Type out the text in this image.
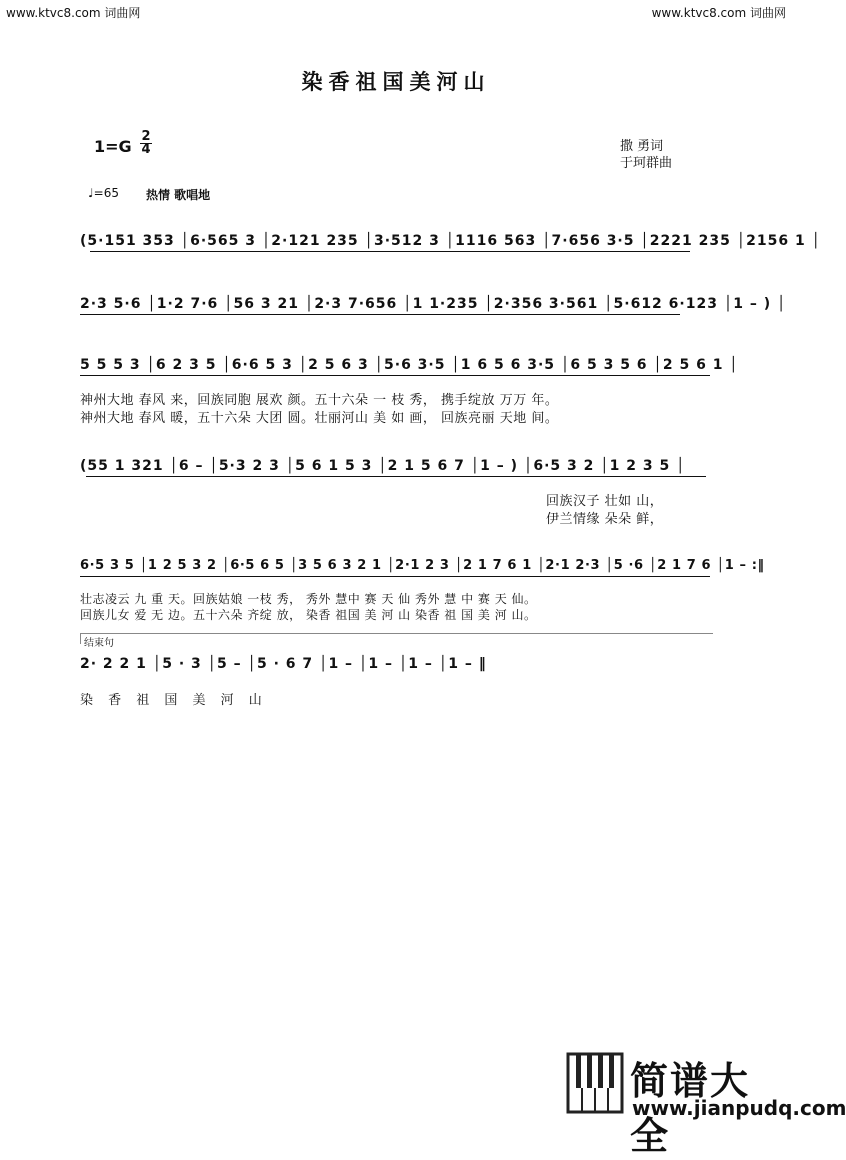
www.ktvc8.com 词曲网	www.ktvc8.com 词曲网
染香祖国美河山
1=G
2
4	撒 勇词
于珂群曲
♩=65 热情 歌唱地
(5·151 353 │6·565 3 │2·121 235 │3·512 3 │1116 563 │7·656 3·5 │2221 235 │2156 1 │
2·3 5·6 │1·2 7·6 │56 3 21 │2·3 7·656 │1 1·235 │2·356 3·561 │5·612 6·123 │1 – ) │
5 5 5 3 │6 2 3 5 │6·6 5 3 │2 5 6 3 │5·6 3·5 │1 6 5 6 3·5 │6 5 3 5 6 │2 5 6 1 │
神州大地 春风 来，回族同胞 展欢 颜。五十六朵 一 枝 秀， 携手绽放 万万 年。
神州大地 春风 暖，五十六朵 大团 圆。壮丽河山 美 如 画， 回族亮丽 天地 间。
(55 1 321 │6 – │5·3 2 3 │5 6 1 5 3 │2 1 5 6 7 │1 – ) │6·5 3 2 │1 2 3 5 │
回族汉子 壮如 山，
伊兰情缘 朵朵 鲜，
6·5 3 5 │1 2 5 3 2 │6·5 6 5 │3 5 6 3 2 1 │2·1 2 3 │2 1 7 6 1 │2·1 2·3 │5 ·6 │2 1 7 6 │1 – :‖
壮志凌云 九 重 天。回族姑娘 一枝 秀， 秀外 慧中 赛 天 仙 秀外 慧 中 赛 天 仙。
回族儿女 爱 无 边。五十六朵 齐绽 放， 染香 祖国 美 河 山 染香 祖 国 美 河 山。
结束句
2· 2 2 1 │5 · 3 │5 – │5 · 6 7 │1 – │1 – │1 – │1 – ‖
染 香 祖 国 美 河 山
简谱大全
www.jianpudq.com
